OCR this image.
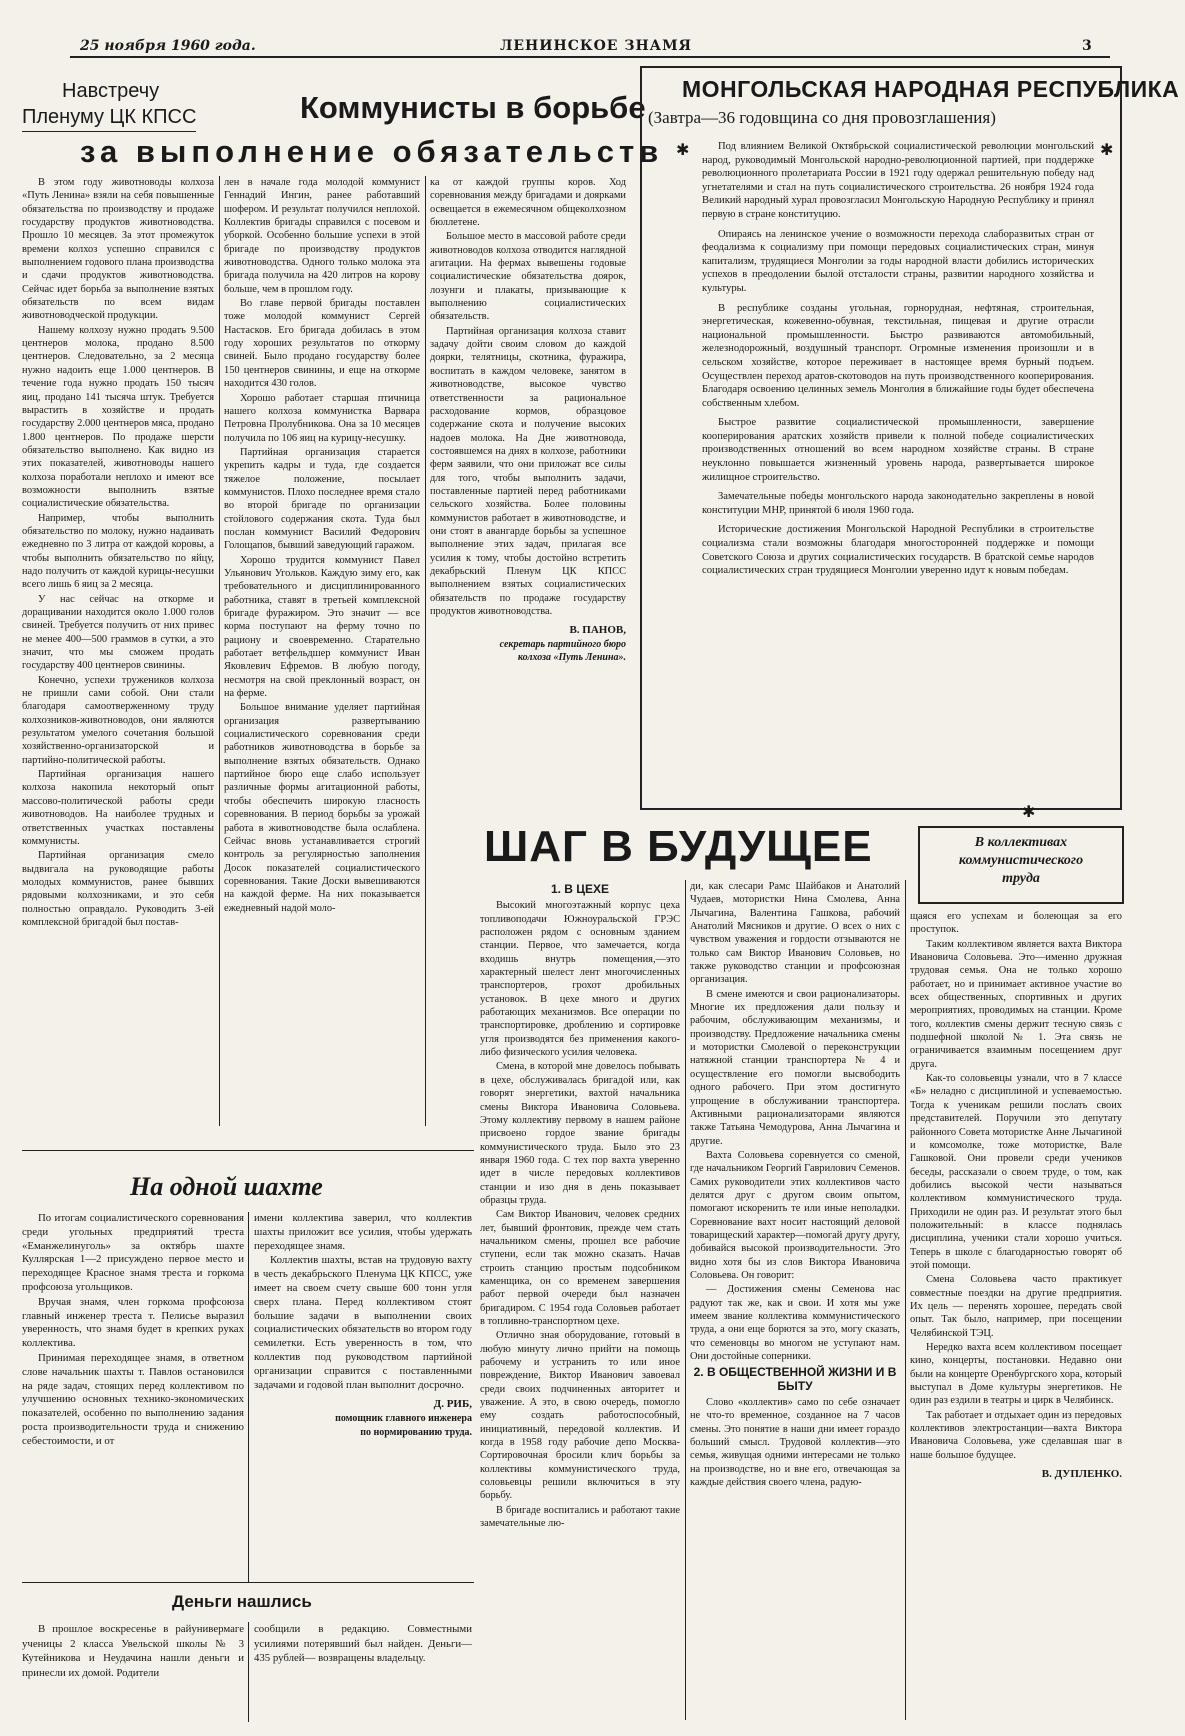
25 ноября 1960 года.	ЛЕНИНСКОЕ ЗНАМЯ	3
Навстречу
Пленуму ЦК КПСС	Коммунисты в борьбе
за выполнение обязательств

В этом году животноводы колхоза «Путь Ленина» взяли на себя повышенные обязательства по производству и продаже государству продуктов животноводства. Прошло 10 месяцев. За этот промежуток времени колхоз успешно справился с выполнением годового плана производства и сдачи продуктов животноводства. Сейчас идет борьба за выполнение взятых обязательств по всем видам животноводческой продукции.

Нашему колхозу нужно продать 9.500 центнеров молока, продано 8.500 центнеров. Следовательно, за 2 месяца нужно надоить еще 1.000 центнеров. В течение года нужно продать 150 тысяч яиц, продано 141 тысяча штук. Требуется вырастить в хозяйстве и продать государству 2.000 центнеров мяса, продано 1.800 центнеров. По продаже шерсти обязательство выполнено. Как видно из этих показателей, животноводы нашего колхоза поработали неплохо и имеют все возможности выполнить взятые социалистические обязательства.

Например, чтобы выполнить обязательство по молоку, нужно надаивать ежедневно по 3 литра от каждой коровы, а чтобы выполнить обязательство по яйцу, надо получить от каждой курицы-несушки всего лишь 6 яиц за 2 месяца.

У нас сейчас на откорме и доращивании находится около 1.000 голов свиней. Требуется получить от них привес не менее 400—500 граммов в сутки, а это значит, что мы сможем продать государству 400 центнеров свинины.

Конечно, успехи тружеников колхоза не пришли сами собой. Они стали благодаря самоотверженному труду колхозников-животноводов, они являются результатом умелого сочетания большой хозяйственно-организаторской и партийно-политической работы.

Партийная организация нашего колхоза накопила некоторый опыт массово-политической работы среди животноводов. На наиболее трудных и ответственных участках поставлены коммунисты.

Партийная организация смело выдвигала на руководящие работы молодых коммунистов, ранее бывших рядовыми колхозниками, и это себя полностью оправдало. Руководить 3-ей комплексной бригадой был постав-

лен в начале года молодой коммунист Геннадий Ингин, ранее работавший шофером. И результат получился неплохой. Коллектив бригады справился с посевом и уборкой. Особенно большие успехи в этой бригаде по производству продуктов животноводства. Одного только молока эта бригада получила на 420 литров на корову больше, чем в прошлом году.

Во главе первой бригады поставлен тоже молодой коммунист Сергей Настасков. Его бригада добилась в этом году хороших результатов по откорму свиней. Было продано государству более 150 центнеров свинины, и еще на откорме находится 430 голов.

Хорошо работает старшая птичница нашего колхоза коммунистка Варвара Петровна Пролубникова. Она за 10 месяцев получила по 106 яиц на курицу-несушку.

Партийная организация старается укрепить кадры и туда, где создается тяжелое положение, посылает коммунистов. Плохо последнее время стало во второй бригаде по организации стойлового содержания скота. Туда был послан коммунист Василий Федорович Голощапов, бывший заведующий гаражом.

Хорошо трудится коммунист Павел Ульянович Угольков. Каждую зиму его, как требовательного и дисциплинированного работника, ставят в третьей комплексной бригаде фуражиром. Это значит — все корма поступают на ферму точно по рациону и своевременно. Старательно работает ветфельдшер коммунист Иван Яковлевич Ефремов. В любую погоду, несмотря на свой преклонный возраст, он на ферме.

Большое внимание уделяет партийная организация развертыванию социалистического соревнования среди работников животноводства в борьбе за выполнение взятых обязательств. Однако партийное бюро еще слабо использует различные формы агитационной работы, чтобы обеспечить широкую гласность соревнования. В период борьбы за урожай работа в животноводстве была ослаблена. Сейчас вновь устанавливается строгий контроль за регулярностью заполнения Досок показателей социалистического соревнования. Такие Доски вывешиваются на каждой ферме. На них показывается ежедневный надой моло-

ка от каждой группы коров. Ход соревнования между бригадами и доярками освещается в ежемесячном общеколхозном бюллетене.

Большое место в массовой работе среди животноводов колхоза отводится наглядной агитации. На фермах вывешены годовые социалистические обязательства доярок, лозунги и плакаты, призывающие к выполнению социалистических обязательств.

Партийная организация колхоза ставит задачу дойти своим словом до каждой доярки, телятницы, скотника, фуражира, воспитать в каждом человеке, занятом в животноводстве, высокое чувство ответственности за рациональное расходование кормов, образцовое содержание скота и получение высоких надоев молока. На Дне животновода, состоявшемся на днях в колхозе, работники ферм заявили, что они приложат все силы для того, чтобы выполнить задачи, поставленные партией перед работниками сельского хозяйства. Более половины коммунистов работает в животноводстве, и они стоят в авангарде борьбы за успешное выполнение этих задач, прилагая все усилия к тому, чтобы достойно встретить декабрьский Пленум ЦК КПСС выполнением взятых социалистических обязательств по продаже государству продуктов животноводства.

В. ПАНОВ,
секретарь партийного бюро
колхоза «Путь Ленина».
✱	✱
МОНГОЛЬСКАЯ НАРОДНАЯ РЕСПУБЛИКА
(Завтра—36 годовщина со дня провозглашения)

Под влиянием Великой Октябрьской социалистической революции монгольский народ, руководимый Монгольской народно-революционной партией, при поддержке революционного пролетариата России в 1921 году одержал решительную победу над угнетателями и стал на путь социалистического строительства. 26 ноября 1924 года Великий народный хурал провозгласил Монгольскую Народную Республику и принял первую в стране конституцию.

Опираясь на ленинское учение о возможности перехода слаборазвитых стран от феодализма к социализму при помощи передовых социалистических стран, минуя капитализм, трудящиеся Монголии за годы народной власти добились исторических успехов в преодолении былой отсталости страны, развитии народного хозяйства и культуры.

В республике созданы угольная, горнорудная, нефтяная, строительная, энергетическая, кожевенно-обувная, текстильная, пищевая и другие отрасли национальной промышленности. Быстро развиваются автомобильный, железнодорожный, воздушный транспорт. Огромные изменения произошли и в сельском хозяйстве, которое переживает в настоящее время бурный подъем. Осуществлен переход аратов-скотоводов на путь производственного кооперирования. Благодаря освоению целинных земель Монголия в ближайшие годы будет обеспечена собственным хлебом.

Быстрое развитие социалистической промышленности, завершение кооперирования аратских хозяйств привели к полной победе социалистических производственных отношений во всем народном хозяйстве страны. В стране неуклонно повышается жизненный уровень народа, развертывается широкое жилищное строительство.

Замечательные победы монгольского народа законодательно закреплены в новой конституции МНР, принятой 6 июля 1960 года.

Исторические достижения Монгольской Народной Республики в строительстве социализма стали возможны благодаря многосторонней поддержке и помощи Советского Союза и других социалистических государств. В братской семье народов социалистических стран трудящиеся Монголии уверенно идут к новым победам.

✱
ШАГ В БУДУЩЕЕ	В коллективах
коммунистического
труда
1. В ЦЕХЕ

Высокий многоэтажный корпус цеха топливоподачи Южноуральской ГРЭС расположен рядом с основным зданием станции. Первое, что замечается, когда входишь внутрь помещения,—это характерный шелест лент многочисленных транспортеров, грохот дробильных установок. В цехе много и других работающих механизмов. Все операции по транспортировке, дроблению и сортировке угля производятся без применения какого-либо физического усилия человека.

Смена, в которой мне довелось побывать в цехе, обслуживалась бригадой или, как говорят энергетики, вахтой начальника смены Виктора Ивановича Соловьева. Этому коллективу первому в нашем районе присвоено гордое звание бригады коммунистического труда. Было это 23 января 1960 года. С тех пор вахта уверенно идет в числе передовых коллективов станции и изо дня в день показывает образцы труда.

Сам Виктор Иванович, человек средних лет, бывший фронтовик, прежде чем стать начальником смены, прошел все рабочие ступени, если так можно сказать. Начав строить станцию простым подсобником каменщика, он со временем завершения работ первой очереди был назначен бригадиром. С 1954 года Соловьев работает в топливно-транспортном цехе.

Отлично зная оборудование, готовый в любую минуту лично прийти на помощь рабочему и устранить то или иное повреждение, Виктор Иванович завоевал среди своих подчиненных авторитет и уважение. А это, в свою очередь, помогло ему создать работоспособный, инициативный, передовой коллектив. И когда в 1958 году рабочие депо Москва-Сортировочная бросили клич борьбы за коллективы коммунистического труда, соловьевцы решили включиться в эту борьбу.

В бригаде воспитались и работают такие замечательные лю-

ди, как слесари Рамс Шайбаков и Анатолий Чудаев, мотористки Нина Смолева, Анна Лычагина, Валентина Гашкова, рабочий Анатолий Мясников и другие. О всех о них с чувством уважения и гордости отзываются не только сам Виктор Иванович Соловьев, но также руководство станции и профсоюзная организация.

В смене имеются и свои рационализаторы. Многие их предложения дали пользу и рабочим, обслуживающим механизмы, и производству. Предложение начальника смены и мотористки Смолевой о переконструкции натяжной станции транспортера № 4 и осуществление его помогли высвободить одного рабочего. При этом достигнуто упрощение в обслуживании транспортера. Активными рационализаторами являются также Татьяна Чемодурова, Анна Лычагина и другие.

Вахта Соловьева соревнуется со сменой, где начальником Георгий Гаврилович Семенов. Самих руководители этих коллективов часто делятся друг с другом своим опытом, помогают искоренить те или иные неполадки. Соревнование вахт носит настоящий деловой товарищеский характер—помогай другу другу, добивайся высокой производительности. Это видно хотя бы из слов Виктора Ивановича Соловьева. Он говорит:

— Достижения смены Семенова нас радуют так же, как и свои. И хотя мы уже имеем звание коллектива коммунистического труда, а они еще борются за это, могу сказать, что семеновцы во многом не уступают нам. Они достойные соперники.

2. В ОБЩЕСТВЕННОЙ ЖИЗНИ И В БЫТУ

Слово «коллектив» само по себе означает не что-то временное, созданное на 7 часов смены. Это понятие в наши дни имеет гораздо больший смысл. Трудовой коллектив—это семья, живущая одними интересами не только на производстве, но и вне его, отвечающая за каждые действия своего члена, радую-

щаяся его успехам и болеющая за его проступок.

Таким коллективом является вахта Виктора Ивановича Соловьева. Это—именно дружная трудовая семья. Она не только хорошо работает, но и принимает активное участие во всех общественных, спортивных и других мероприятиях, проводимых на станции. Кроме того, коллектив смены держит тесную связь с подшефной школой № 1. Эта связь не ограничивается взаимным посещением друг друга.

Как-то соловьевцы узнали, что в 7 классе «Б» неладно с дисциплиной и успеваемостью. Тогда к ученикам решили послать своих представителей. Поручили это депутату районного Совета мотористке Анне Лычагиной и комсомолке, тоже мотористке, Вале Гашковой. Они провели среди учеников беседы, рассказали о своем труде, о том, как добились высокой чести называться коллективом коммунистического труда. Приходили не один раз. И результат этого был положительный: в классе поднялась дисциплина, ученики стали хорошо учиться. Теперь в школе с благодарностью говорят об этой помощи.

Смена Соловьева часто практикует совместные поездки на другие предприятия. Их цель — перенять хорошее, передать свой опыт. Так было, например, при посещении Челябинской ТЭЦ.

Нередко вахта всем коллективом посещает кино, концерты, постановки. Недавно они были на концерте Оренбургского хора, который выступал в Доме культуры энергетиков. Не один раз ездили в театры и цирк в Челябинск.

Так работает и отдыхает один из передовых коллективов электростанции—вахта Виктора Ивановича Соловьева, уже сделавшая шаг в наше большое будущее.

В. ДУПЛЕНКО.
На одной шахте

По итогам социалистического соревнования среди угольных предприятий треста «Еманжелинуголь» за октябрь шахте Куллярская 1—2 присуждено первое место и переходящее Красное знамя треста и горкома профсоюза угольщиков.

Вручая знамя, член горкома профсоюза главный инженер треста т. Пелисье выразил уверенность, что знамя будет в крепких руках коллектива.

Принимая переходящее знамя, в ответном слове начальник шахты т. Павлов остановился на ряде задач, стоящих перед коллективом по улучшению основных технико-экономических показателей, особенно по выполнению задания роста производительности труда и снижению себестоимости, и от

имени коллектива заверил, что коллектив шахты приложит все усилия, чтобы удержать переходящее знамя.

Коллектив шахты, встав на трудовую вахту в честь декабрьского Пленума ЦК КПСС, уже имеет на своем счету свыше 600 тонн угля сверх плана. Перед коллективом стоят большие задачи в выполнении своих социалистических обязательств во втором году семилетки. Есть уверенность в том, что коллектив под руководством партийной организации справится с поставленными задачами и годовой план выполнит досрочно.

Д. РИБ,
помощник главного инженера
по нормированию труда.
Деньги нашлись

В прошлое воскресенье в райунивермаге ученицы 2 класса Увельской школы № 3 Кутейникова и Неудачина нашли деньги и принесли их домой. Родители

сообщили в редакцию. Совместными усилиями потерявший был найден. Деньги—435 рублей— возвращены владельцу.
